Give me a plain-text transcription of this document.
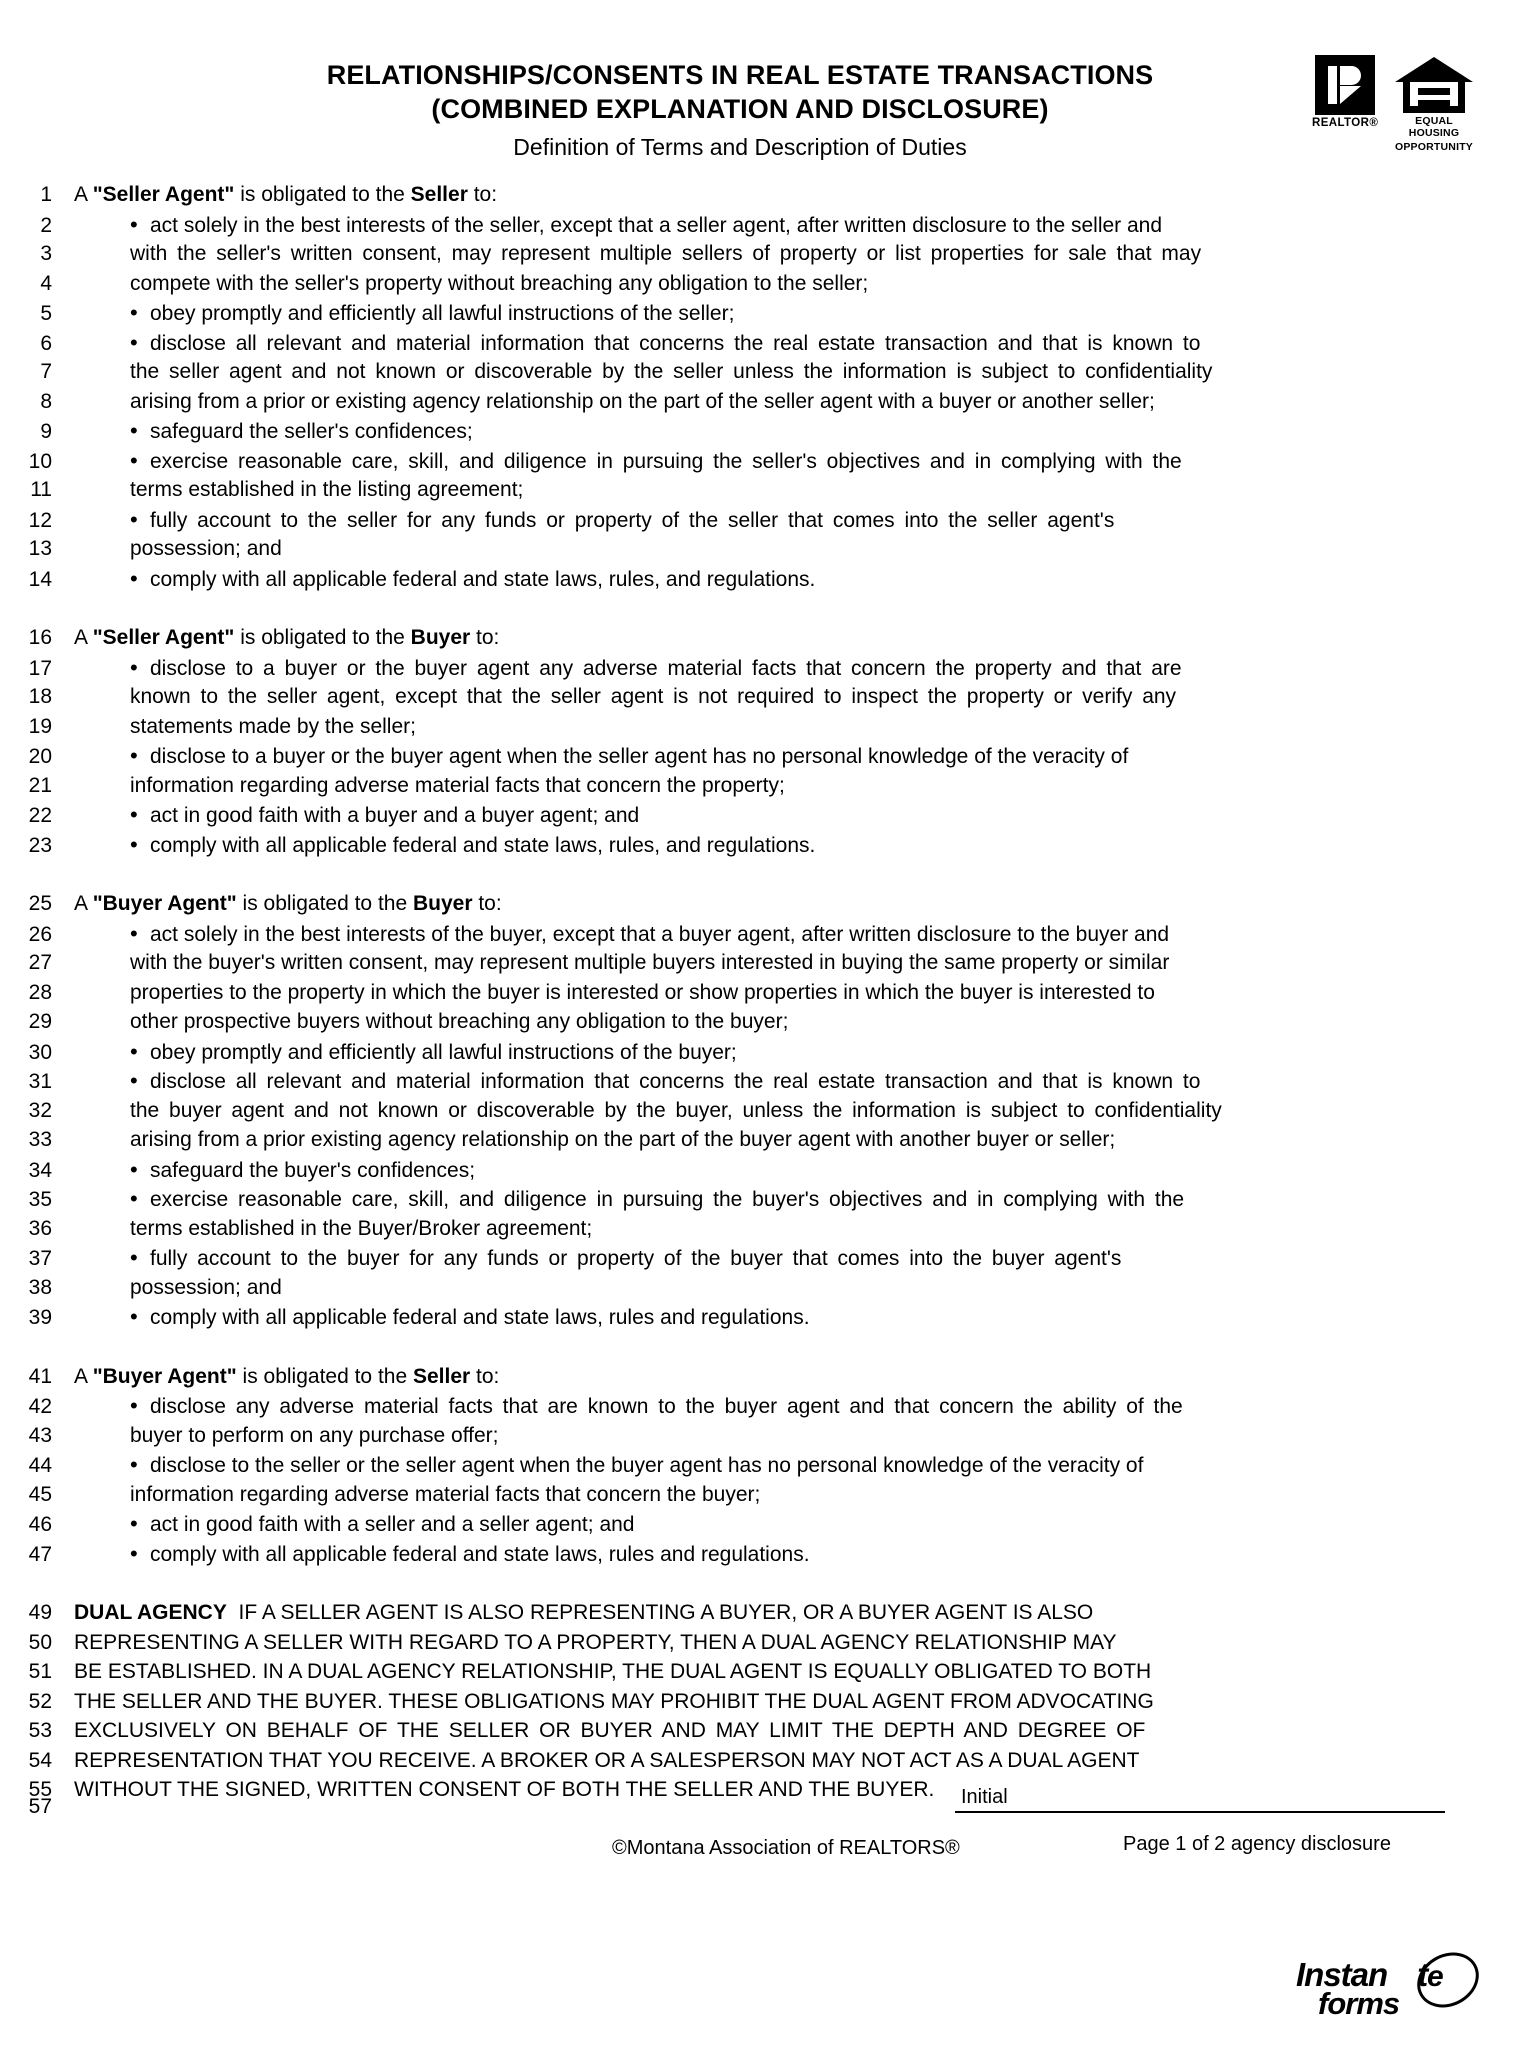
RELATIONSHIPS/CONSENTS IN REAL ESTATE TRANSACTIONS
(COMBINED EXPLANATION AND DISCLOSURE)
Definition of Terms and Description of Duties
REALTOR®	EQUAL HOUSING
OPPORTUNITY
1	A "Seller Agent" is obligated to the Seller to:
2 •	act solely in the best interests of the seller, except that a seller agent, after written disclosure to the seller and
3	with the seller's written consent, may represent multiple sellers of property or list properties for sale that may
4	compete with the seller's property without breaching any obligation to the seller;
5 •	obey promptly and efficiently all lawful instructions of the seller;
6 •	disclose all relevant and material information that concerns the real estate transaction and that is known to
7	the seller agent and not known or discoverable by the seller unless the information is subject to confidentiality
8	arising from a prior or existing agency relationship on the part of the seller agent with a buyer or another seller;
9 •	safeguard the seller's confidences;
10 •	exercise reasonable care, skill, and diligence in pursuing the seller's objectives and in complying with the
11	terms established in the listing agreement;
12 •	fully account to the seller for any funds or property of the seller that comes into the seller agent's
13	possession; and
14 •	comply with all applicable federal and state laws, rules, and regulations.
16	A "Seller Agent" is obligated to the Buyer to:
17 •	disclose to a buyer or the buyer agent any adverse material facts that concern the property and that are
18	known to the seller agent, except that the seller agent is not required to inspect the property or verify any
19	statements made by the seller;
20 •	disclose to a buyer or the buyer agent when the seller agent has no personal knowledge of the veracity of
21	information regarding adverse material facts that concern the property;
22 •	act in good faith with a buyer and a buyer agent; and
23 •	comply with all applicable federal and state laws, rules, and regulations.
25	A "Buyer Agent" is obligated to the Buyer to:
26 •	act solely in the best interests of the buyer, except that a buyer agent, after written disclosure to the buyer and
27	with the buyer's written consent, may represent multiple buyers interested in buying the same property or similar
28	properties to the property in which the buyer is interested or show properties in which the buyer is interested to
29	other prospective buyers without breaching any obligation to the buyer;
30 •	obey promptly and efficiently all lawful instructions of the buyer;
31 •	disclose all relevant and material information that concerns the real estate transaction and that is known to
32	the buyer agent and not known or discoverable by the buyer, unless the information is subject to confidentiality
33	arising from a prior existing agency relationship on the part of the buyer agent with another buyer or seller;
34 •	safeguard the buyer's confidences;
35 •	exercise reasonable care, skill, and diligence in pursuing the buyer's objectives and in complying with the
36	terms established in the Buyer/Broker agreement;
37 •	fully account to the buyer for any funds or property of the buyer that comes into the buyer agent's
38	possession; and
39 •	comply with all applicable federal and state laws, rules and regulations.
41	A "Buyer Agent" is obligated to the Seller to:
42 •	disclose any adverse material facts that are known to the buyer agent and that concern the ability of the
43	buyer to perform on any purchase offer;
44 •	disclose to the seller or the seller agent when the buyer agent has no personal knowledge of the veracity of
45	information regarding adverse material facts that concern the buyer;
46 •	act in good faith with a seller and a seller agent; and
47 •	comply with all applicable federal and state laws, rules and regulations.
49	DUAL AGENCY  IF A SELLER AGENT IS ALSO REPRESENTING A BUYER, OR A BUYER AGENT IS ALSO
50	REPRESENTING A SELLER WITH REGARD TO A PROPERTY, THEN A DUAL AGENCY RELATIONSHIP MAY
51	BE ESTABLISHED. IN A DUAL AGENCY RELATIONSHIP, THE DUAL AGENT IS EQUALLY OBLIGATED TO BOTH
52	THE SELLER AND THE BUYER. THESE OBLIGATIONS MAY PROHIBIT THE DUAL AGENT FROM ADVOCATING
53	EXCLUSIVELY ON BEHALF OF THE SELLER OR BUYER AND MAY LIMIT THE DEPTH AND DEGREE OF
54	REPRESENTATION THAT YOU RECEIVE. A BROKER OR A SALESPERSON MAY NOT ACT AS A DUAL AGENT
55	WITHOUT THE SIGNED, WRITTEN CONSENT OF BOTH THE SELLER AND THE BUYER.
57	Initial
©Montana Association of REALTORS®	Page 1 of 2 agency disclosure
Instan t e
forms
